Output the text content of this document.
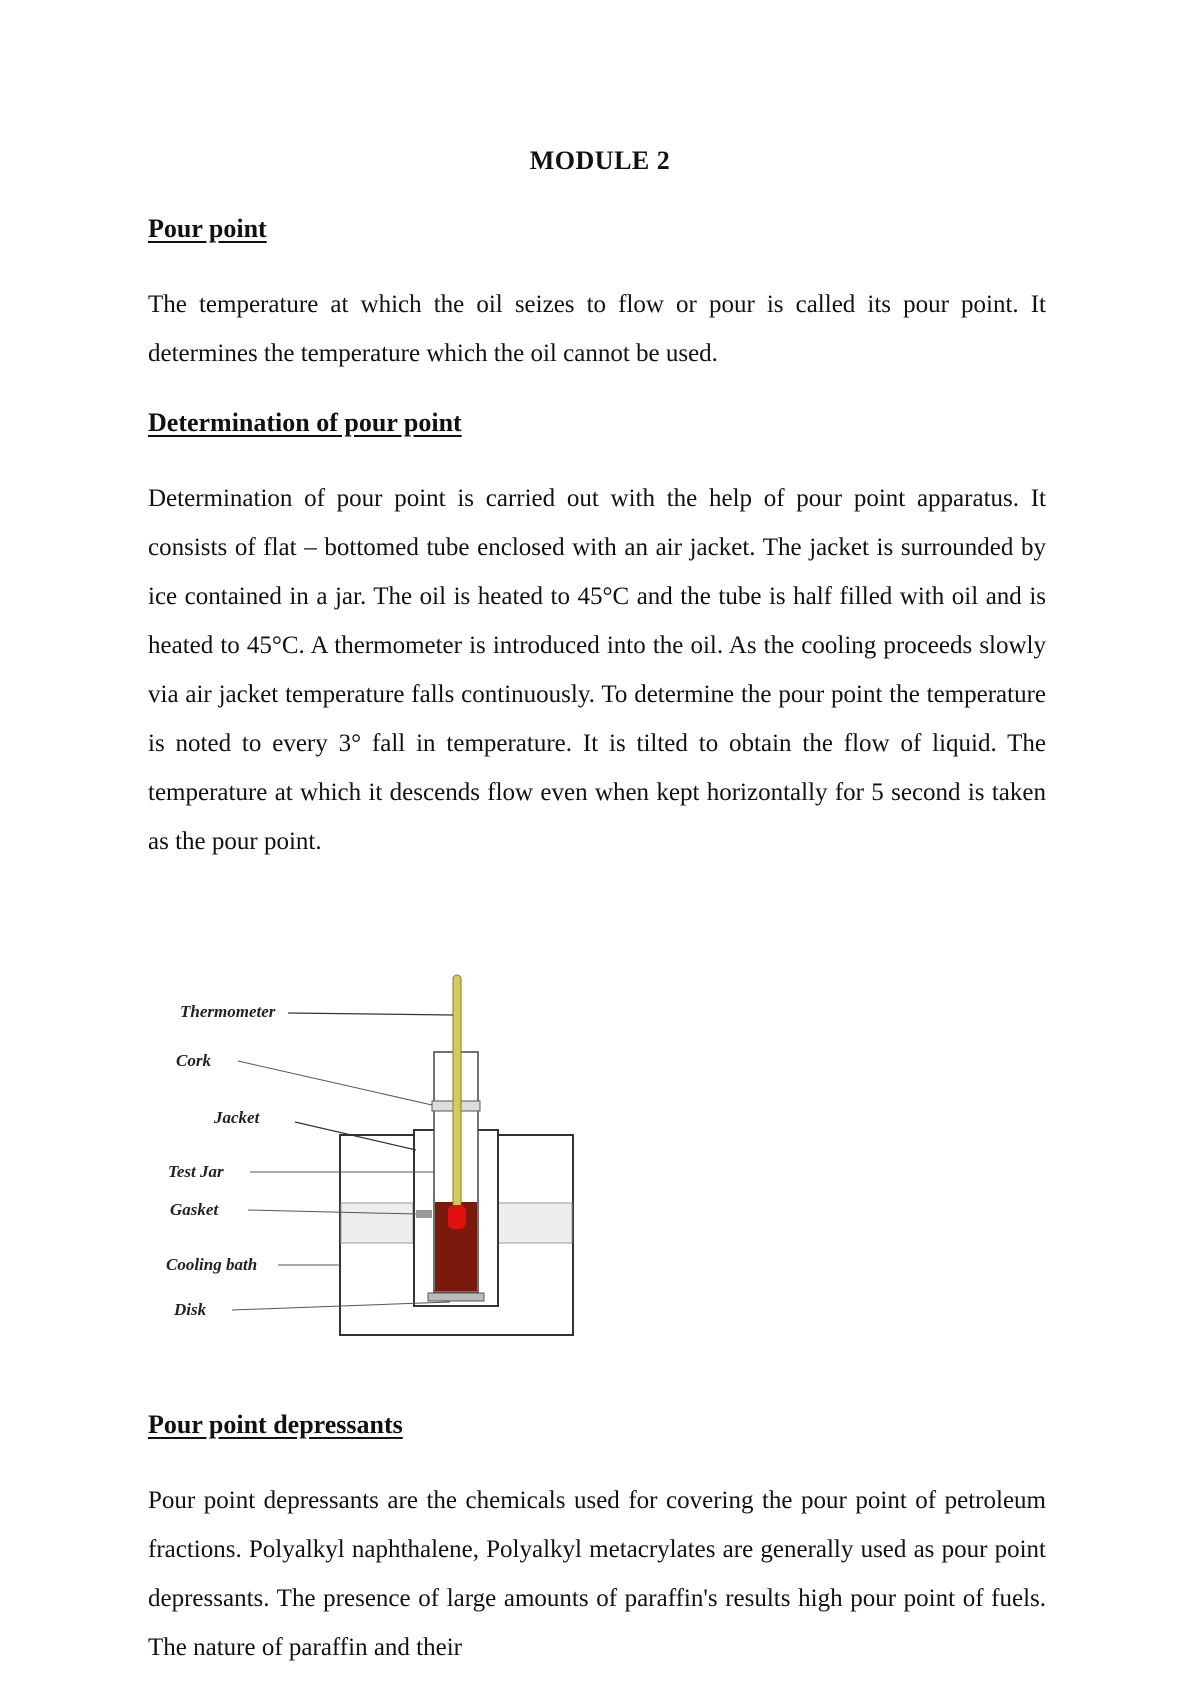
MODULE 2
Pour point

The temperature at which the oil seizes to flow or pour is called its pour point. It determines the temperature which the oil cannot be used.

Determination of pour point

Determination of pour point is carried out with the help of pour point apparatus. It consists of flat – bottomed tube enclosed with an air jacket. The jacket is surrounded by ice contained in a jar. The oil is heated to 45°C and the tube is half filled with oil and is heated to 45°C. A thermometer is introduced into the oil. As the cooling proceeds slowly via air jacket temperature falls continuously. To determine the pour point the temperature is noted to every 3° fall in temperature. It is tilted to obtain the flow of liquid. The temperature at which it descends flow even when kept horizontally for 5 second is taken as the pour point.

Thermometer
Cork
Jacket
Test Jar
Gasket
Cooling bath
Disk
Pour point depressants

Pour point depressants are the chemicals used for covering the pour point of petroleum fractions. Polyalkyl naphthalene, Polyalkyl metacrylates are generally used as pour point depressants. The presence of large amounts of paraffin's results high pour point of fuels. The nature of paraffin and their
